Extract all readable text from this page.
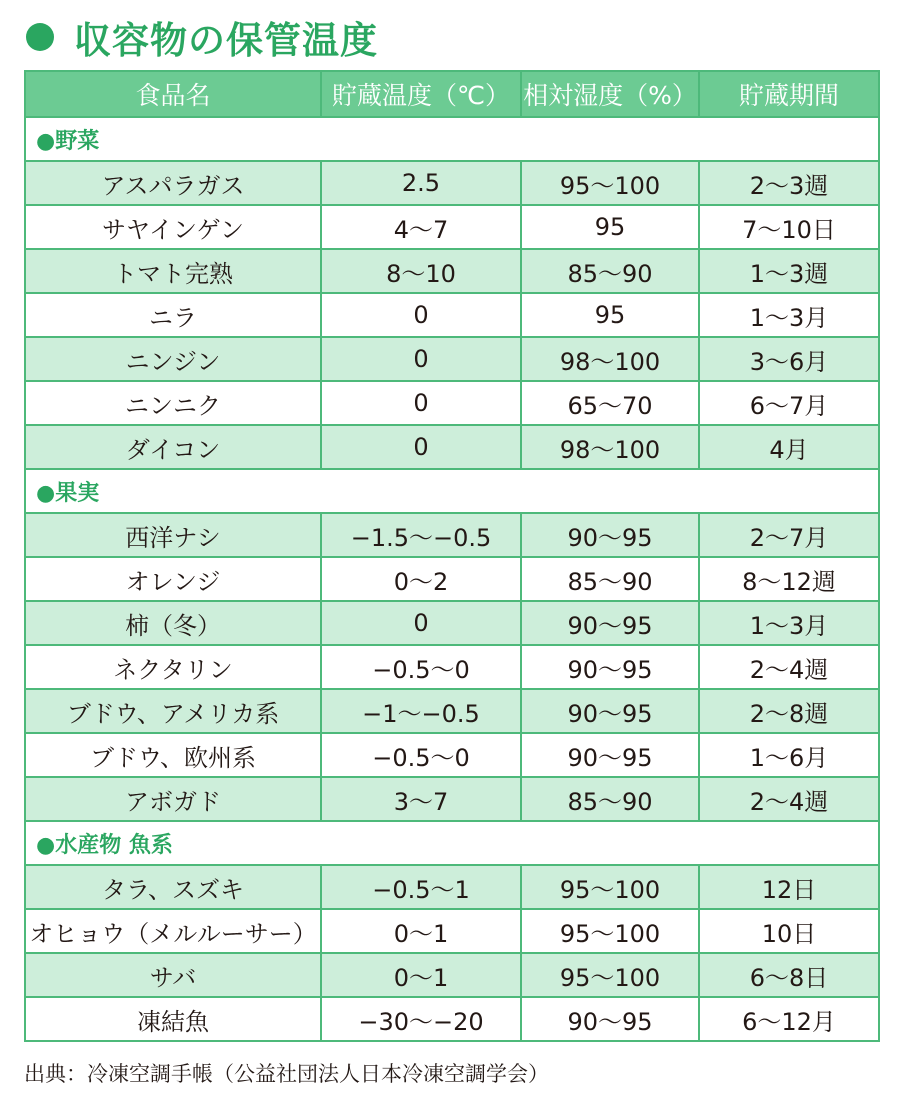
収容物の保管温度
食品名	貯蔵温度（℃）	相対湿度（%）	貯蔵期間
●野菜			
アスパラガス	2.5	95〜100	2〜3週
サヤインゲン	4〜7	95	7〜10日
トマト完熟	8〜10	85〜90	1〜3週
ニラ	0	95	1〜3月
ニンジン	0	98〜100	3〜6月
ニンニク	0	65〜70	6〜7月
ダイコン	0	98〜100	4月
●果実			
西洋ナシ	−1.5〜−0.5	90〜95	2〜7月
オレンジ	0〜2	85〜90	8〜12週
柿（冬）	0	90〜95	1〜3月
ネクタリン	−0.5〜0	90〜95	2〜4週
ブドウ、アメリカ系	−1〜−0.5	90〜95	2〜8週
ブドウ、欧州系	−0.5〜0	90〜95	1〜6月
アボガド	3〜7	85〜90	2〜4週
●水産物 魚系			
タラ、スズキ	−0.5〜1	95〜100	12日
オヒョウ（メルルーサー）	0〜1	95〜100	10日
サバ	0〜1	95〜100	6〜8日
凍結魚	−30〜−20	90〜95	6〜12月
出典：冷凍空調手帳（公益社団法人日本冷凍空調学会）
